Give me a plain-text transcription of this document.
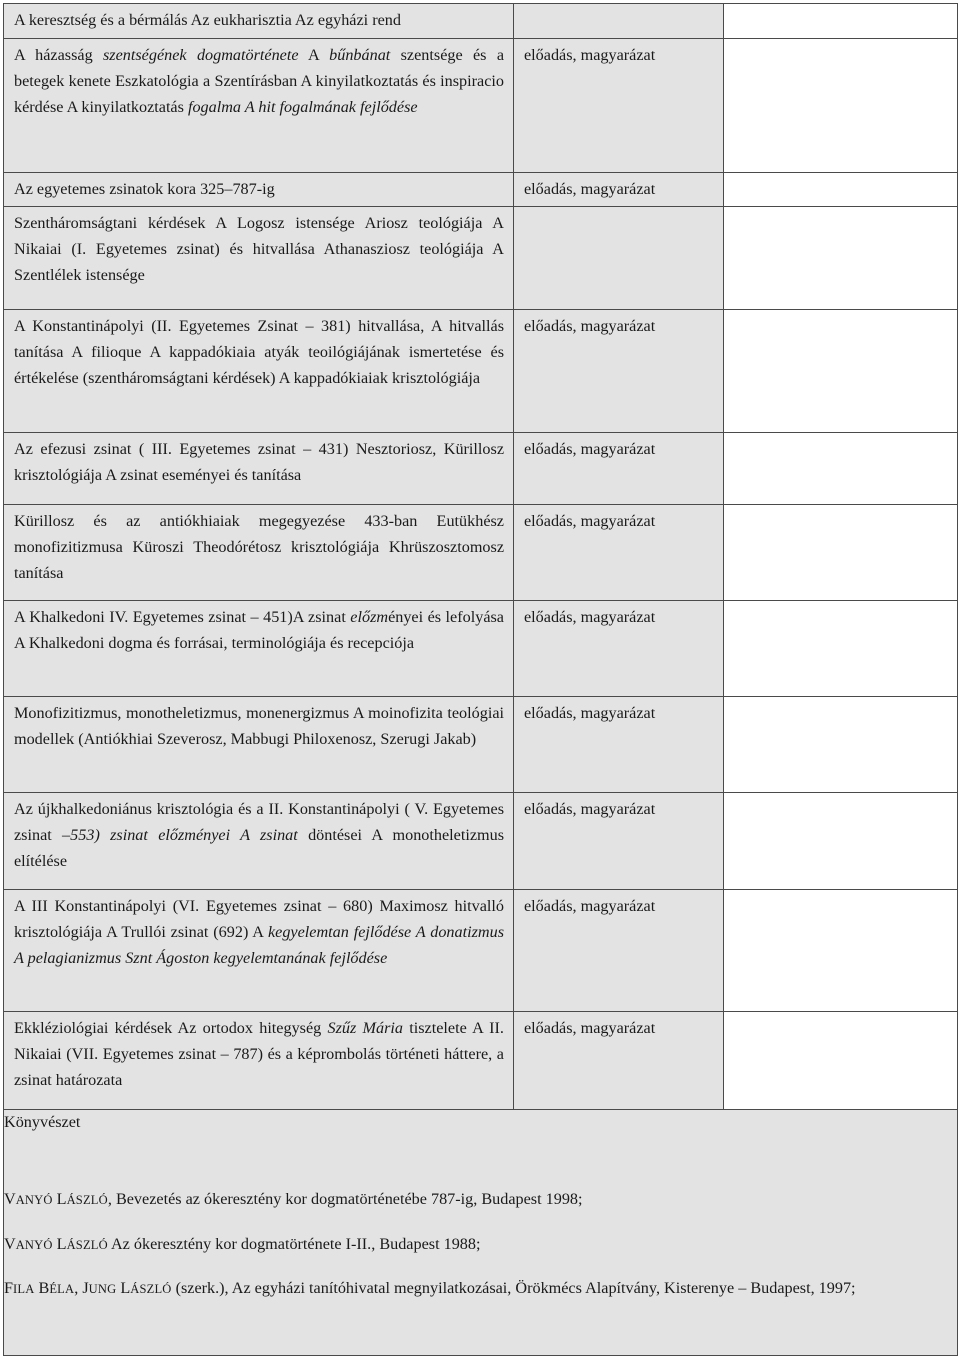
A keresztség és a bérmálás Az eukharisztia Az egyházi rend		

A házasság szentségének dogmatörténete A bűnbánat szentsége és a betegek kenete Eszkatológia a Szentírásban A kinyilatkoztatás és inspiracio kérdése A kinyilatkoztatás fogalma A hit fogalmának fejlődése	előadás, magyarázat	

Az egyetemes zsinatok kora 325–787-ig	előadás, magyarázat	

Szentháromságtani kérdések A Logosz istensége Ariosz teológiája A Nikaiai (I. Egyetemes zsinat) és hitvallása Athanasziosz teológiája A Szentlélek istensége		

A Konstantinápolyi (II. Egyetemes Zsinat – 381) hitvallása, A hitvallás tanítása A filioque A kappadókiaia atyák teoilógiájának ismertetése és értékelése (szentháromságtani kérdések) A kappadókiaiak krisztológiája	előadás, magyarázat	

Az efezusi zsinat ( III. Egyetemes zsinat – 431) Nesztoriosz, Kürillosz krisztológiája A zsinat eseményei és tanítása	előadás, magyarázat	

Kürillosz és az antiókhiaiak megegyezése 433-ban Eutükhész monofizitizmusa Küroszi Theodórétosz krisztológiája Khrüszosztomosz tanítása	előadás, magyarázat	

A Khalkedoni IV. Egyetemes zsinat – 451)A zsinat előzményei és lefolyása A Khalkedoni dogma és forrásai, terminológiája és recepciója	előadás, magyarázat	

Monofizitizmus, monotheletizmus, monenergizmus A moinofizita teológiai modellek (Antiókhiai Szeverosz, Mabbugi Philoxenosz, Szerugi Jakab)	előadás, magyarázat	

Az újkhalkedoniánus krisztológia és a II. Konstantinápolyi ( V. Egyetemes zsinat –553) zsinat előzményei A zsinat döntései A monotheletizmus elítélése	előadás, magyarázat	

A III Konstantinápolyi (VI. Egyetemes zsinat – 680) Maximosz hitvalló krisztológiája A Trullói zsinat (692) A kegyelemtan fejlődése A donatizmus A pelagianizmus Sznt Ágoston kegyelemtanának fejlődése	előadás, magyarázat	

Ekkléziológiai kérdések Az ortodox hitegység Szűz Mária tisztelete A II. Nikaiai (VII. Egyetemes zsinat – 787) és a képrombolás történeti háttere, a zsinat határozata	előadás, magyarázat	

Könyvészet

VANYÓ LÁSZLÓ, Bevezetés az ókeresztény kor dogmatörténetébe 787-ig, Budapest 1998;

VANYÓ LÁSZLÓ Az ókeresztény kor dogmatörténete I-II., Budapest 1988;

FILA BÉLA, JUNG LÁSZLÓ (szerk.), Az egyházi tanítóhivatal megnyilatkozásai, Örökmécs Alapítvány, Kisterenye – Budapest, 1997;		
